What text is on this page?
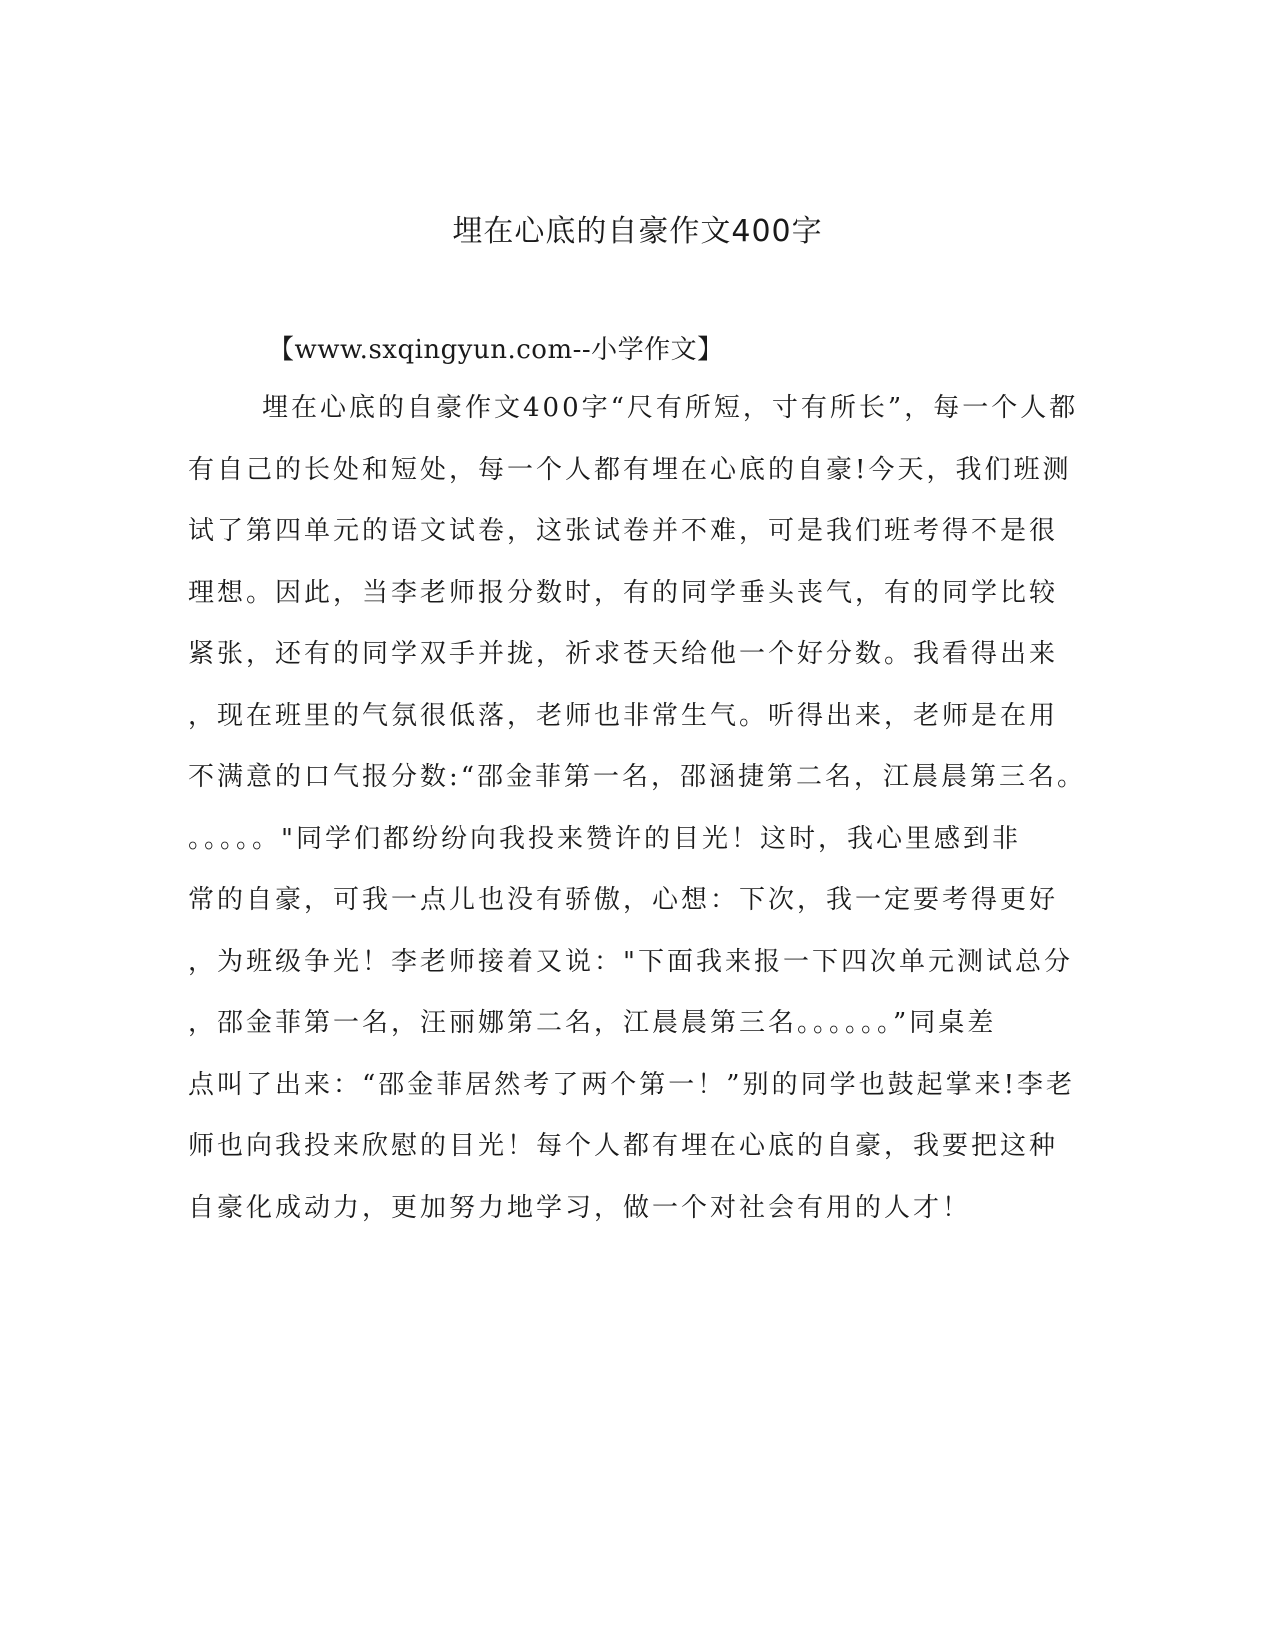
埋在心底的自豪作文400字
【www.sxqingyun.com--小学作文】
埋在心底的自豪作文400字“尺有所短，寸有所长”，每一个人都
有自己的长处和短处，每一个人都有埋在心底的自豪!今天，我们班测
试了第四单元的语文试卷，这张试卷并不难，可是我们班考得不是很
理想。因此，当李老师报分数时，有的同学垂头丧气，有的同学比较
紧张，还有的同学双手并拢，祈求苍天给他一个好分数。我看得出来
，现在班里的气氛很低落，老师也非常生气。听得出来，老师是在用
不满意的口气报分数:“邵金菲第一名，邵涵捷第二名，江晨晨第三名。
。。。。。"同学们都纷纷向我投来赞许的目光！这时，我心里感到非
常的自豪，可我一点儿也没有骄傲，心想：下次，我一定要考得更好
，为班级争光！李老师接着又说："下面我来报一下四次单元测试总分
，邵金菲第一名，汪丽娜第二名，江晨晨第三名。。。。。。”同桌差
点叫了出来：“邵金菲居然考了两个第一！”别的同学也鼓起掌来!李老
师也向我投来欣慰的目光！每个人都有埋在心底的自豪，我要把这种
自豪化成动力，更加努力地学习，做一个对社会有用的人才！
